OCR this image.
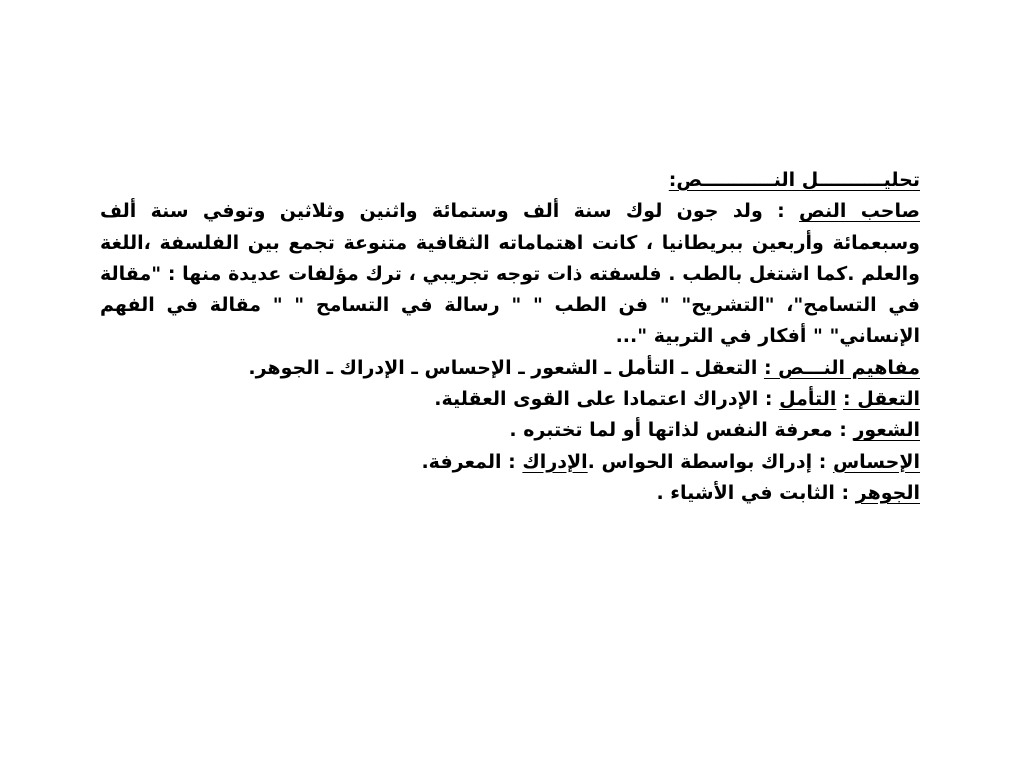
تحليــــــــــل النـــــــــــص:
صاحب النص : ولد جون لوك سنة ألف وستمائة واثنين وثلاثين وتوفي سنة ألف
وسبعمائة وأربعين ببريطانيا ، كانت اهتماماته الثقافية متنوعة تجمع بين الفلسفة ،اللغة
والعلم .كما اشتغل بالطب . فلسفته ذات توجه تجريبي ، ترك مؤلفات عديدة منها : "مقالة
في التسامح"، "التشريح" " فن الطب " " رسالة في التسامح " " مقالة في الفهم
الإنساني" " أفكار في التربية "...
مفاهيم النـــص : التعقل ـ التأمل ـ الشعور ـ الإحساس ـ الإدراك ـ الجوهر.
التعقل : التأمل : الإدراك اعتمادا على القوى العقلية.
الشعور : معرفة النفس لذاتها أو لما تختبره .
الإحساس : إدراك بواسطة الحواس .الإدراك : المعرفة.
الجوهر : الثابت في الأشياء .
